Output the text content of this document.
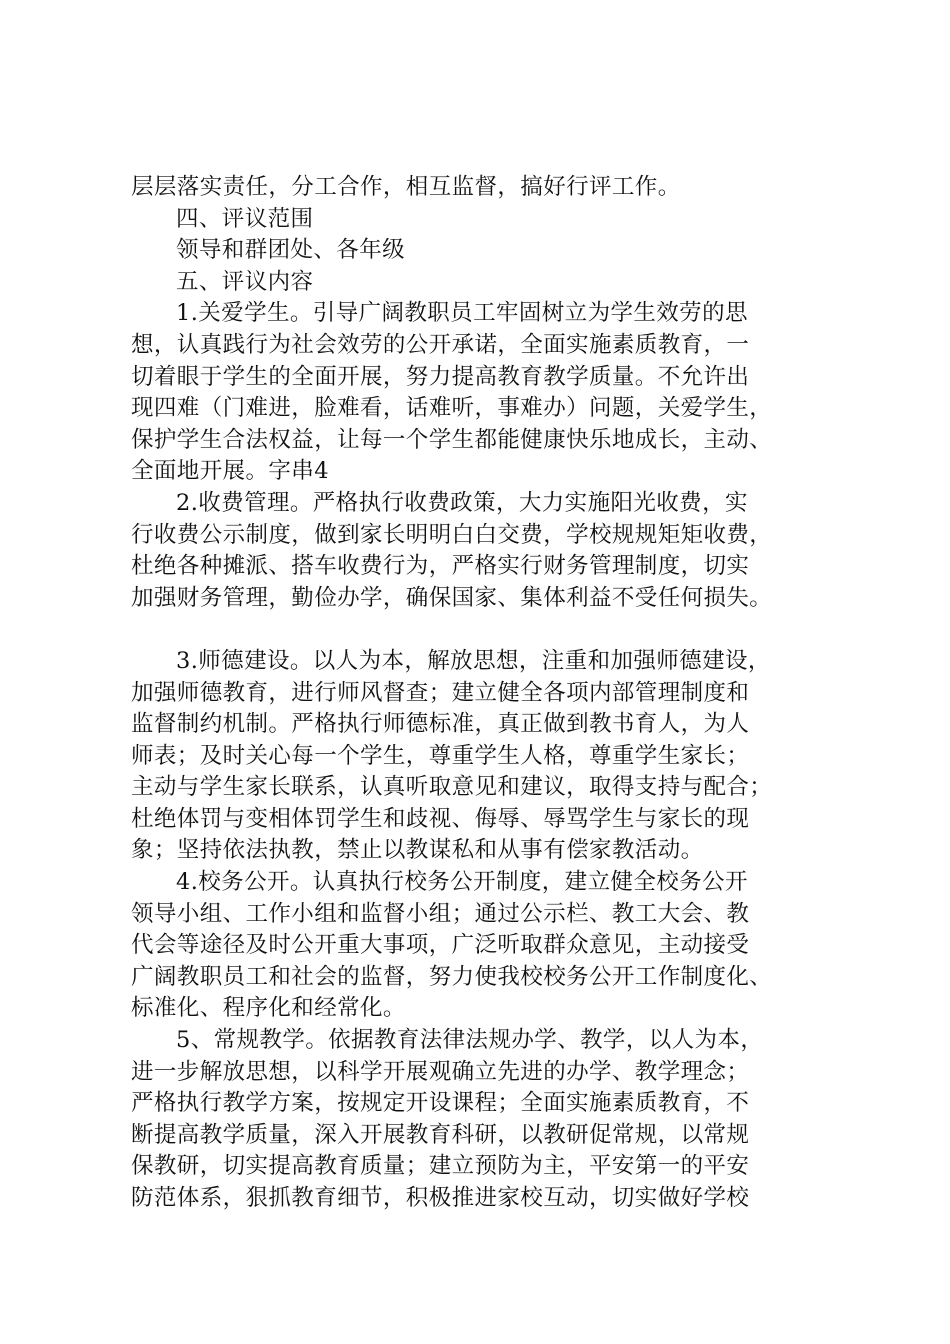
层层落实责任，分工合作，相互监督，搞好行评工作。
四、评议范围
领导和群团处、各年级
五、评议内容
1.关爱学生。引导广阔教职员工牢固树立为学生效劳的思
想，认真践行为社会效劳的公开承诺，全面实施素质教育，一
切着眼于学生的全面开展，努力提高教育教学质量。不允许出
现四难（门难进，脸难看，话难听，事难办）问题，关爱学生，
保护学生合法权益，让每一个学生都能健康快乐地成长，主动、
全面地开展。字串4
2.收费管理。严格执行收费政策，大力实施阳光收费，实
行收费公示制度，做到家长明明白白交费，学校规规矩矩收费，
杜绝各种摊派、搭车收费行为，严格实行财务管理制度，切实
加强财务管理，勤俭办学，确保国家、集体利益不受任何损失。
3.师德建设。以人为本，解放思想，注重和加强师德建设，
加强师德教育，进行师风督查；建立健全各项内部管理制度和
监督制约机制。严格执行师德标准，真正做到教书育人，为人
师表；及时关心每一个学生，尊重学生人格，尊重学生家长；
主动与学生家长联系，认真听取意见和建议，取得支持与配合；
杜绝体罚与变相体罚学生和歧视、侮辱、辱骂学生与家长的现
象；坚持依法执教，禁止以教谋私和从事有偿家教活动。
4.校务公开。认真执行校务公开制度，建立健全校务公开
领导小组、工作小组和监督小组；通过公示栏、教工大会、教
代会等途径及时公开重大事项，广泛听取群众意见，主动接受
广阔教职员工和社会的监督，努力使我校校务公开工作制度化、
标准化、程序化和经常化。
5、常规教学。依据教育法律法规办学、教学，以人为本，
进一步解放思想，以科学开展观确立先进的办学、教学理念；
严格执行教学方案，按规定开设课程；全面实施素质教育，不
断提高教学质量，深入开展教育科研，以教研促常规，以常规
保教研，切实提高教育质量；建立预防为主，平安第一的平安
防范体系，狠抓教育细节，积极推进家校互动，切实做好学校
